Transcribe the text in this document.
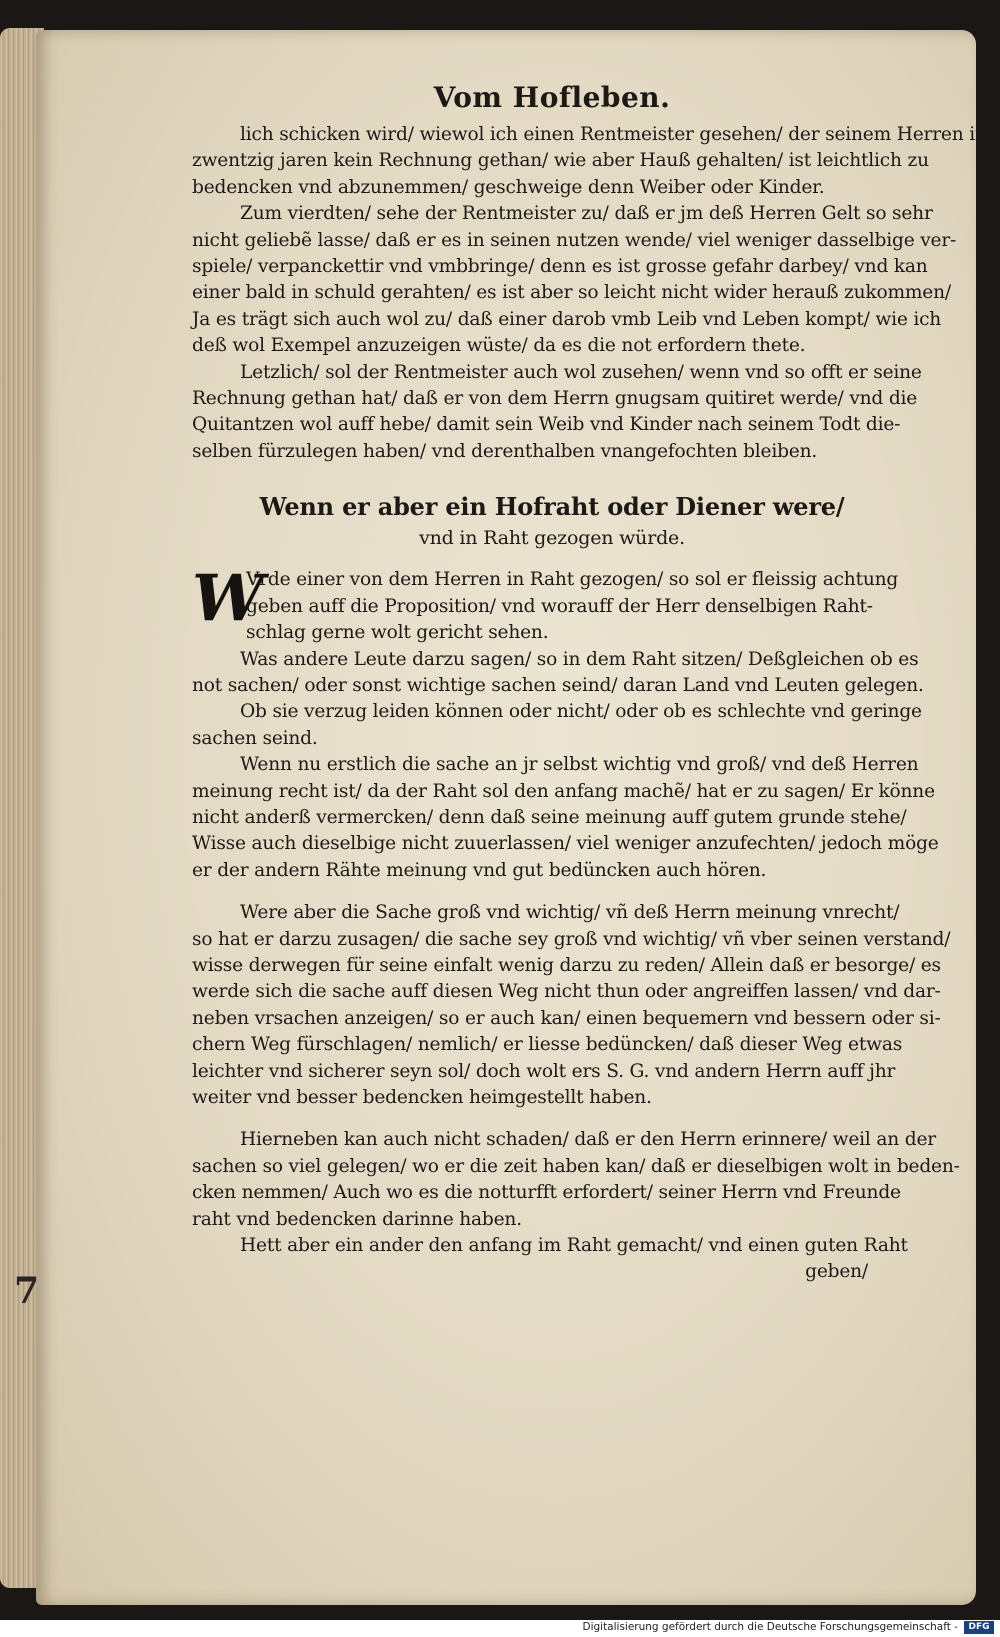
7
Vom Hofleben.

lich schicken wird/ wiewol ich einen Rentmeister gesehen/ der seinem Herren in

zwentzig jaren kein Rechnung gethan/ wie aber Hauß gehalten/ ist leichtlich zu

bedencken vnd abzunemmen/ geschweige denn Weiber oder Kinder.

Zum vierdten/ sehe der Rentmeister zu/ daß er jm deß Herren Gelt so sehr

nicht geliebẽ lasse/ daß er es in seinen nutzen wende/ viel weniger dasselbige ver-

spiele/ verpanckettir vnd vmbbringe/ denn es ist grosse gefahr darbey/ vnd kan

einer bald in schuld gerahten/ es ist aber so leicht nicht wider herauß zukommen/

Ja es trägt sich auch wol zu/ daß einer darob vmb Leib vnd Leben kompt/ wie ich

deß wol Exempel anzuzeigen wüste/ da es die not erfordern thete.

Letzlich/ sol der Rentmeister auch wol zusehen/ wenn vnd so offt er seine

Rechnung gethan hat/ daß er von dem Herrn gnugsam quitiret werde/ vnd die

Quitantzen wol auff hebe/ damit sein Weib vnd Kinder nach seinem Todt die-

selben fürzulegen haben/ vnd derenthalben vnangefochten bleiben.

Wenn er aber ein Hofraht oder Diener were/
vnd in Raht gezogen würde.
W

Vrde einer von dem Herren in Raht gezogen/ so sol er fleissig achtung

geben auff die Proposition/ vnd worauff der Herr denselbigen Raht-

schlag gerne wolt gericht sehen.

Was andere Leute darzu sagen/ so in dem Raht sitzen/ Deßgleichen ob es

not sachen/ oder sonst wichtige sachen seind/ daran Land vnd Leuten gelegen.

Ob sie verzug leiden können oder nicht/ oder ob es schlechte vnd geringe

sachen seind.

Wenn nu erstlich die sache an jr selbst wichtig vnd groß/ vnd deß Herren

meinung recht ist/ da der Raht sol den anfang machẽ/ hat er zu sagen/ Er könne

nicht anderß vermercken/ denn daß seine meinung auff gutem grunde stehe/

Wisse auch dieselbige nicht zuuerlassen/ viel weniger anzufechten/ jedoch möge

er der andern Rähte meinung vnd gut bedüncken auch hören.

Were aber die Sache groß vnd wichtig/ vñ deß Herrn meinung vnrecht/

so hat er darzu zusagen/ die sache sey groß vnd wichtig/ vñ vber seinen verstand/

wisse derwegen für seine einfalt wenig darzu zu reden/ Allein daß er besorge/ es

werde sich die sache auff diesen Weg nicht thun oder angreiffen lassen/ vnd dar-

neben vrsachen anzeigen/ so er auch kan/ einen bequemern vnd bessern oder si-

chern Weg fürschlagen/ nemlich/ er liesse bedüncken/ daß dieser Weg etwas

leichter vnd sicherer seyn sol/ doch wolt ers S. G. vnd andern Herrn auff jhr

weiter vnd besser bedencken heimgestellt haben.

Hierneben kan auch nicht schaden/ daß er den Herrn erinnere/ weil an der

sachen so viel gelegen/ wo er die zeit haben kan/ daß er dieselbigen wolt in beden-

cken nemmen/ Auch wo es die notturfft erfordert/ seiner Herrn vnd Freunde

raht vnd bedencken darinne haben.

Hett aber ein ander den anfang im Raht gemacht/ vnd einen guten Raht

geben/

Digitalisierung gefördert durch die Deutsche Forschungsgemeinschaft -	DFG
